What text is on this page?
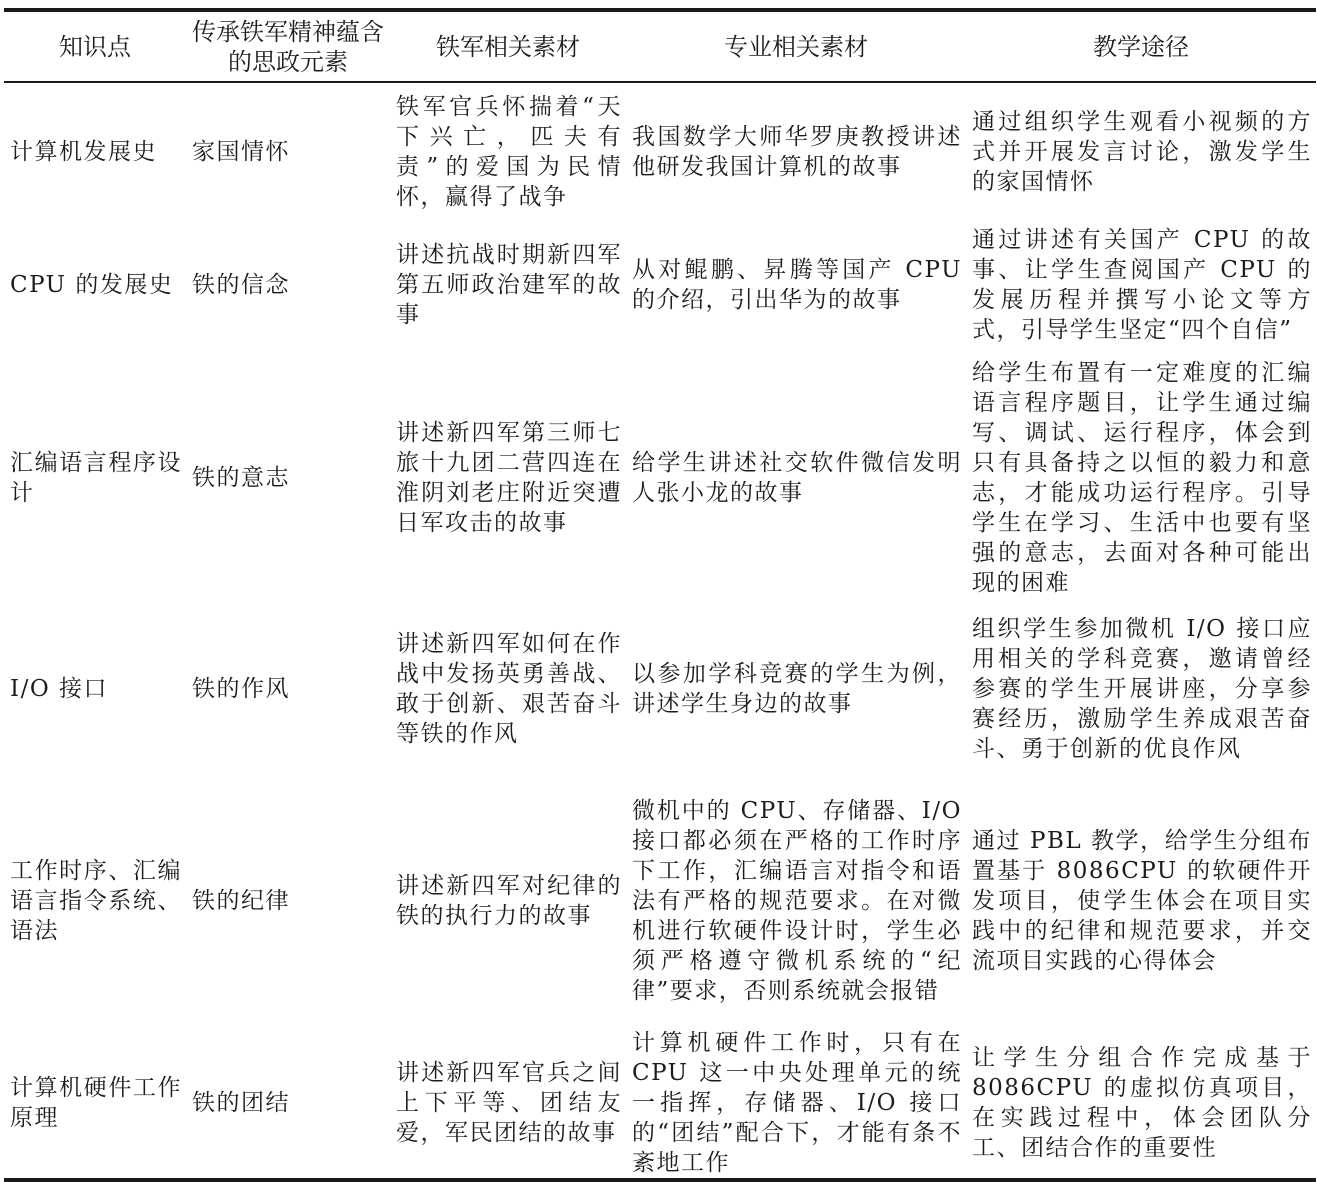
知识点	传承铁军精神蕴含的思政元素	铁军相关素材	专业相关素材	教学途径
计算机发展史	家国情怀	铁军官兵怀揣着“天下兴亡，匹夫有责”的爱国为民情怀，赢得了战争	我国数学大师华罗庚教授讲述他研发我国计算机的故事	通过组织学生观看小视频的方式并开展发言讨论，激发学生的家国情怀
CPU 的发展史	铁的信念	讲述抗战时期新四军第五师政治建军的故事	从对鲲鹏、昇腾等国产 CPU 的介绍，引出华为的故事	通过讲述有关国产 CPU 的故事、让学生查阅国产 CPU 的发展历程并撰写小论文等方式，引导学生坚定“四个自信”
汇编语言程序设计	铁的意志	讲述新四军第三师七旅十九团二营四连在淮阴刘老庄附近突遭日军攻击的故事	给学生讲述社交软件微信发明人张小龙的故事	给学生布置有一定难度的汇编语言程序题目，让学生通过编写、调试、运行程序，体会到只有具备持之以恒的毅力和意志，才能成功运行程序。引导学生在学习、生活中也要有坚强的意志，去面对各种可能出现的困难
I/O 接口	铁的作风	讲述新四军如何在作战中发扬英勇善战、敢于创新、艰苦奋斗等铁的作风	以参加学科竞赛的学生为例，讲述学生身边的故事	组织学生参加微机 I/O 接口应用相关的学科竞赛，邀请曾经参赛的学生开展讲座，分享参赛经历，激励学生养成艰苦奋斗、勇于创新的优良作风
工作时序、汇编语言指令系统、语法	铁的纪律	讲述新四军对纪律的铁的执行力的故事	微机中的 CPU、存储器、I/O 接口都必须在严格的工作时序下工作，汇编语言对指令和语法有严格的规范要求。在对微机进行软硬件设计时，学生必须严格遵守微机系统的“纪律”要求，否则系统就会报错	通过 PBL 教学，给学生分组布置基于 8086CPU 的软硬件开发项目，使学生体会在项目实践中的纪律和规范要求，并交流项目实践的心得体会
计算机硬件工作原理	铁的团结	讲述新四军官兵之间上下平等、团结友爱，军民团结的故事	计算机硬件工作时，只有在 CPU 这一中央处理单元的统一指挥，存储器、I/O 接口的“团结”配合下，才能有条不紊地工作	让学生分组合作完成基于 8086CPU 的虚拟仿真项目，在实践过程中，体会团队分工、团结合作的重要性
